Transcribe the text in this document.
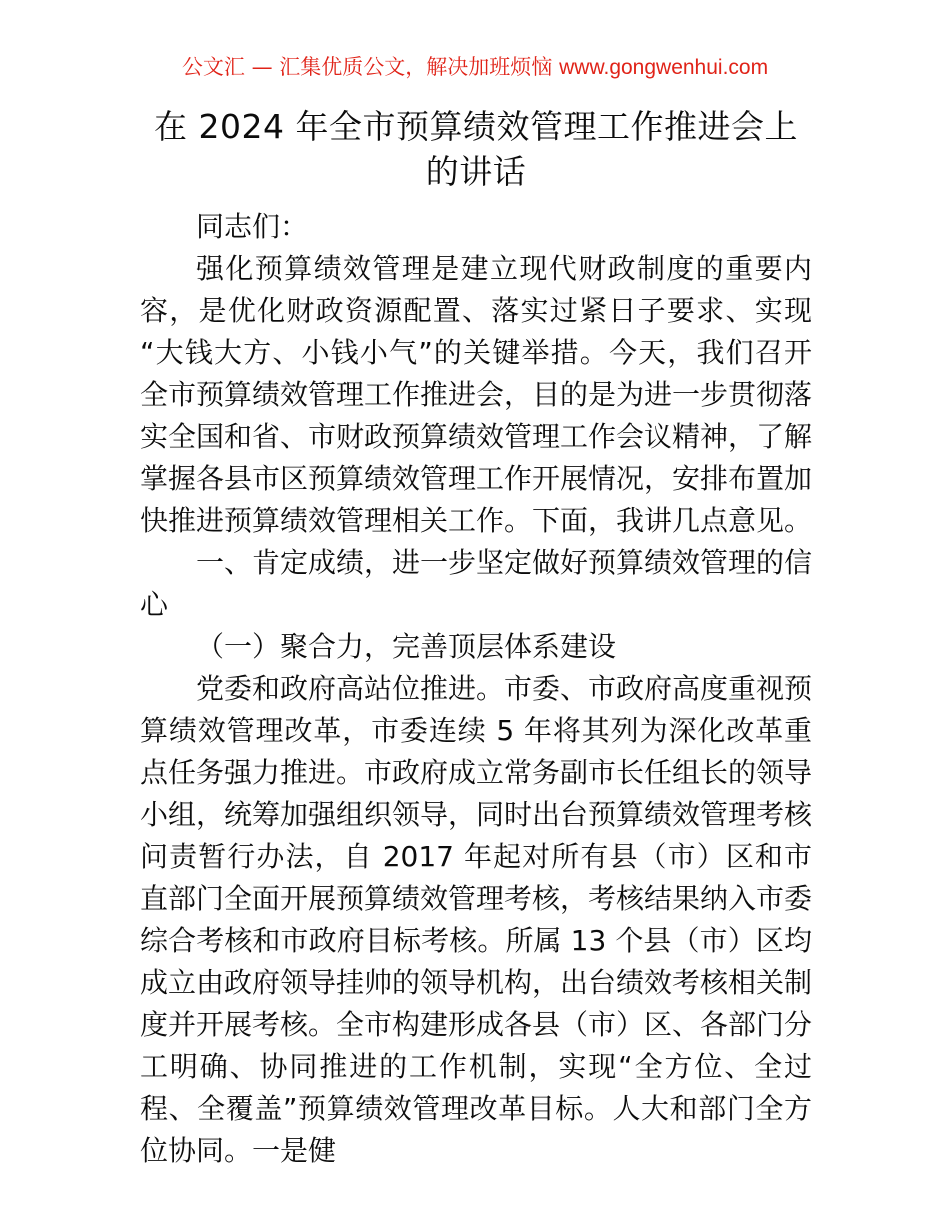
公文汇 — 汇集优质公文，解决加班烦恼 www.gongwenhui.com
在 2024 年全市预算绩效管理工作推进会上的讲话

同志们：

强化预算绩效管理是建立现代财政制度的重要内容，是优化财政资源配置、落实过紧日子要求、实现“大钱大方、小钱小气”的关键举措。今天，我们召开全市预算绩效管理工作推进会，目的是为进一步贯彻落实全国和省、市财政预算绩效管理工作会议精神，了解掌握各县市区预算绩效管理工作开展情况，安排布置加快推进预算绩效管理相关工作。下面，我讲几点意见。

一、肯定成绩，进一步坚定做好预算绩效管理的信心

（一）聚合力，完善顶层体系建设

党委和政府高站位推进。市委、市政府高度重视预算绩效管理改革，市委连续 5 年将其列为深化改革重点任务强力推进。市政府成立常务副市长任组长的领导小组，统筹加强组织领导，同时出台预算绩效管理考核问责暂行办法，自 2017 年起对所有县（市）区和市直部门全面开展预算绩效管理考核，考核结果纳入市委综合考核和市政府目标考核。所属 13 个县（市）区均成立由政府领导挂帅的领导机构，出台绩效考核相关制度并开展考核。全市构建形成各县（市）区、各部门分工明确、协同推进的工作机制，实现“全方位、全过程、全覆盖”预算绩效管理改革目标。人大和部门全方位协同。一是健
